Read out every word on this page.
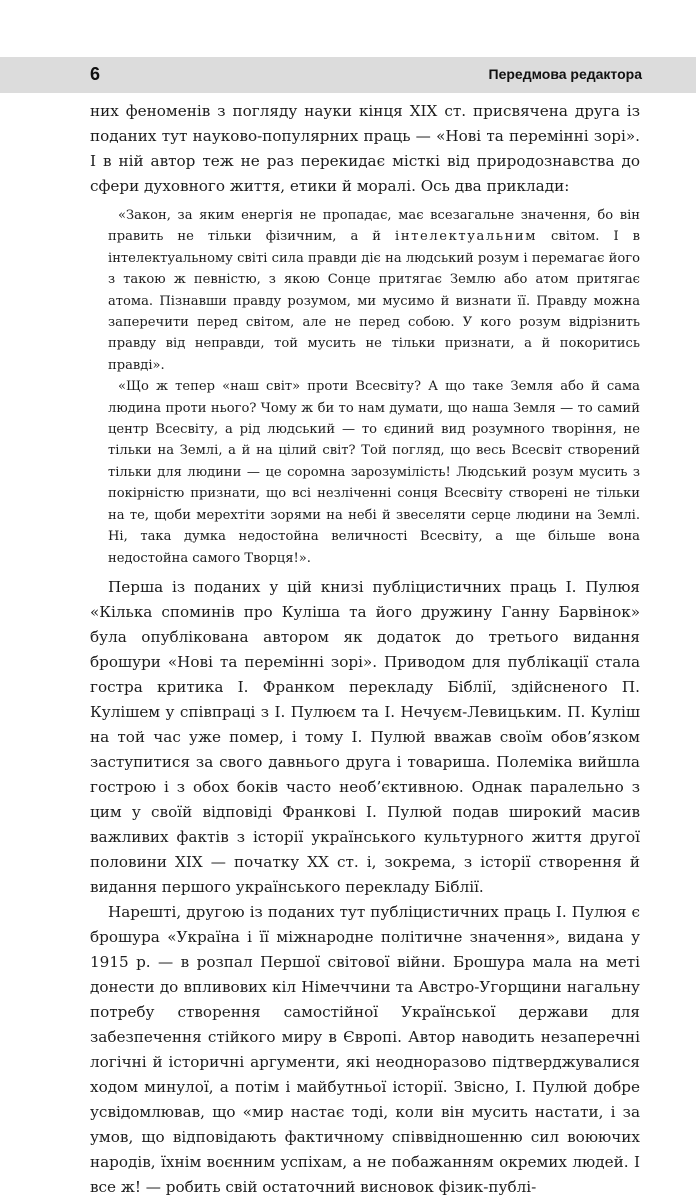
6	Передмова редактора

них феноменів з погляду науки кінця XIX ст. присвячена друга із поданих тут науково-популярних праць — «Нові та перемінні зорі». І в ній автор теж не раз перекидає місткі від природознавства до сфери духовного життя, етики й моралі. Ось два приклади:

«Закон, за яким енергія не пропадає, має всезагальне значення, бо він править не тільки фізичним, а й інтелектуальним світом. І в інтелектуальному світі сила правди діє на людський розум і перемагає його з такою ж певністю, з якою Сонце притягає Землю або атом притягає атома. Пізнавши правду розумом, ми мусимо й визнати її. Правду можна заперечити перед світом, але не перед собою. У кого розум відрізнить правду від неправди, той мусить не тільки признати, а й покоритись правді».

«Що ж тепер «наш світ» проти Всесвіту? А що таке Земля або й сама людина проти нього? Чому ж би то нам думати, що наша Земля — то самий центр Всесвіту, а рід людський — то єдиний вид розумного творіння, не тільки на Землі, а й на цілий світ? Той погляд, що весь Всесвіт створений тільки для людини — це соромна зарозумілість! Людський розум мусить з покірністю признати, що всі незліченні сонця Всесвіту створені не тільки на те, щоби мерехтіти зорями на небі й звеселяти серце людини на Землі. Ні, така думка недостойна величності Всесвіту, а ще більше вона недостойна самого Творця!».

Перша із поданих у цій книзі публіцистичних праць І. Пулюя «Кілька споминів про Куліша та його дружину Ганну Барвінок» була опублікована автором як додаток до третього видання брошури «Нові та перемінні зорі». Приводом для публікації стала гостра критика І. Франком перекладу Біблії, здійсненого П. Кулішем у співпраці з І. Пулюєм та І. Нечуєм-Левицьким. П. Куліш на той час уже помер, і тому І. Пулюй вважав своїм обов’язком заступитися за свого давнього друга і товариша. Полеміка вийшла гострою і з обох боків часто необ’єктивною. Однак паралельно з цим у своїй відповіді Франкові І. Пулюй подав широкий масив важливих фактів з історії українського культурного життя другої половини XIX — початку XX ст. і, зокрема, з історії створення й видання першого українського перекладу Біблії.

Нарешті, другою із поданих тут публіцистичних праць І. Пулюя є брошура «Україна і її міжнародне політичне значення», видана у 1915 р. — в розпал Першої світової війни. Брошура мала на меті донести до впливових кіл Німеччини та Австро-Угорщини нагальну потребу створення самостійної Української держави для забезпечення стійкого миру в Європі. Автор наводить незаперечні логічні й історичні аргументи, які неодноразово підтверджувалися ходом минулої, а потім і майбутньої історії. Звісно, І. Пулюй добре усвідомлював, що «мир настає тоді, коли він мусить настати, і за умов, що відповідають фактичному співвідношенню сил воюючих народів, їхнім воєнним успіхам, а не побажанням окремих людей. І все ж! — робить свій остаточний висновок фізик-публі-
